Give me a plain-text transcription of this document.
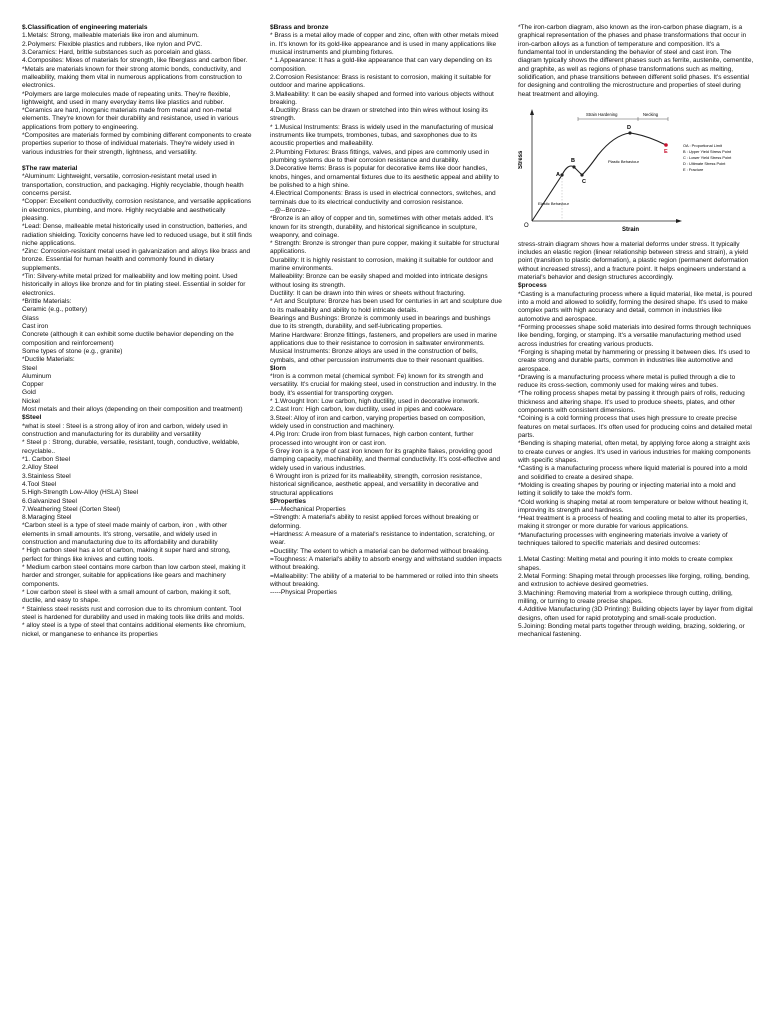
$.Classification of engineering materials

1.Metals: Strong, malleable materials like iron and aluminum.

2.Polymers: Flexible plastics and rubbers, like nylon and PVC.

3.Ceramics: Hard, brittle substances such as porcelain and glass.

4.Composites: Mixes of materials for strength, like fiberglass and carbon fiber.

*Metals are materials known for their strong atomic bonds, conductivity, and malleability, making them vital in numerous applications from construction to electronics.

*Polymers are large molecules made of repeating units. They're flexible, lightweight, and used in many everyday items like plastics and rubber.

*Ceramics are hard, inorganic materials made from metal and non-metal elements. They're known for their durability and resistance, used in various applications from pottery to engineering.

*Composites are materials formed by combining different components to create properties superior to those of individual materials. They're widely used in various industries for their strength, lightness, and versatility.

$The raw material

*Aluminum: Lightweight, versatile, corrosion-resistant metal used in transportation, construction, and packaging. Highly recyclable, though health concerns persist.

*Copper: Excellent conductivity, corrosion resistance, and versatile applications in electronics, plumbing, and more. Highly recyclable and aesthetically pleasing.

*Lead: Dense, malleable metal historically used in construction, batteries, and radiation shielding. Toxicity concerns have led to reduced usage, but it still finds niche applications.

*Zinc: Corrosion-resistant metal used in galvanization and alloys like brass and bronze. Essential for human health and commonly found in dietary supplements.

*Tin: Silvery-white metal prized for malleability and low melting point. Used historically in alloys like bronze and for tin plating steel. Essential in solder for electronics.

*Brittle Materials:

Ceramic (e.g., pottery)

Glass

Cast iron

Concrete (although it can exhibit some ductile behavior depending on the composition and reinforcement)

Some types of stone (e.g., granite)

*Ductile Materials:

Steel

Aluminum

Copper

Gold

Nickel

Most metals and their alloys (depending on their composition and treatment)

$Steel

*what is steel : Steel is a strong alloy of iron and carbon, widely used in construction and manufacturing for its durability and versatility

* Steel p : Strong, durable, versatile, resistant, tough, conductive, weldable, recyclable..

*1. Carbon Steel

2.Alloy Steel

3.Stainless Steel

4.Tool Steel

5.High-Strength Low-Alloy (HSLA) Steel

6.Galvanized Steel

7.Weathering Steel (Corten Steel)

8.Maraging Steel

*Carbon steel is a type of steel made mainly of carbon, iron , with other elements in small amounts. It's strong, versatile, and widely used in construction and manufacturing due to its affordability and durability

* High carbon steel has a lot of carbon, making it super hard and strong, perfect for things like knives and cutting tools.

* Medium carbon steel contains more carbon than low carbon steel, making it harder and stronger, suitable for applications like gears and machinery components.

* Low carbon steel is steel with a small amount of carbon, making it soft, ductile, and easy to shape.

* Stainless steel resists rust and corrosion due to its chromium content. Tool steel is hardened for durability and used in making tools like drills and molds.

* alloy steel is a type of steel that contains additional elements like chromium, nickel, or manganese to enhance its properties

$Brass and bronze

* Brass is a metal alloy made of copper and zinc, often with other metals mixed in. It's known for its gold-like appearance and is used in many applications like musical instruments and plumbing fixtures.

* 1.Appearance: It has a gold-like appearance that can vary depending on its composition.

2.Corrosion Resistance: Brass is resistant to corrosion, making it suitable for outdoor and marine applications.

3.Malleability: It can be easily shaped and formed into various objects without breaking.

4.Ductility: Brass can be drawn or stretched into thin wires without losing its strength.

* 1.Musical Instruments: Brass is widely used in the manufacturing of musical instruments like trumpets, trombones, tubas, and saxophones due to its acoustic properties and malleability.

2.Plumbing Fixtures: Brass fittings, valves, and pipes are commonly used in plumbing systems due to their corrosion resistance and durability.

3.Decorative Items: Brass is popular for decorative items like door handles, knobs, hinges, and ornamental fixtures due to its aesthetic appeal and ability to be polished to a high shine.

4.Electrical Components: Brass is used in electrical connectors, switches, and terminals due to its electrical conductivity and corrosion resistance.

--@--Bronze--

*Bronze is an alloy of copper and tin, sometimes with other metals added. It's known for its strength, durability, and historical significance in sculpture, weaponry, and coinage.

* Strength: Bronze is stronger than pure copper, making it suitable for structural applications.

Durability: It is highly resistant to corrosion, making it suitable for outdoor and marine environments.

Malleability: Bronze can be easily shaped and molded into intricate designs without losing its strength.

Ductility: It can be drawn into thin wires or sheets without fracturing.

* Art and Sculpture: Bronze has been used for centuries in art and sculpture due to its malleability and ability to hold intricate details.

Bearings and Bushings: Bronze is commonly used in bearings and bushings due to its strength, durability, and self-lubricating properties.

Marine Hardware: Bronze fittings, fasteners, and propellers are used in marine applications due to their resistance to corrosion in saltwater environments.

Musical Instruments: Bronze alloys are used in the construction of bells, cymbals, and other percussion instruments due to their resonant qualities.

$Iorn

*Iron is a common metal (chemical symbol: Fe) known for its strength and versatility. It's crucial for making steel, used in construction and industry. In the body, it's essential for transporting oxygen.

* 1.Wrought Iron: Low carbon, high ductility, used in decorative ironwork.

2.Cast Iron: High carbon, low ductility, used in pipes and cookware.

3.Steel: Alloy of iron and carbon, varying properties based on composition, widely used in construction and machinery.

4.Pig Iron: Crude iron from blast furnaces, high carbon content, further processed into wrought iron or cast iron.

5 Grey iron is a type of cast iron known for its graphite flakes, providing good damping capacity, machinability, and thermal conductivity. It's cost-effective and widely used in various industries.

6 Wrought iron is prized for its malleability, strength, corrosion resistance, historical significance, aesthetic appeal, and versatility in decorative and structural applications

$Properties

-----Mechanical Properties

=Strength: A material's ability to resist applied forces without breaking or deforming.

=Hardness: A measure of a material's resistance to indentation, scratching, or wear.

=Ductility: The extent to which a material can be deformed without breaking.

=Toughness: A material's ability to absorb energy and withstand sudden impacts without breaking.

=Malleability: The ability of a material to be hammered or rolled into thin sheets without breaking.

-----Physical Properties

*The iron-carbon diagram, also known as the iron-carbon phase diagram, is a graphical representation of the phases and phase transformations that occur in iron-carbon alloys as a function of temperature and composition. It's a fundamental tool in understanding the behavior of steel and cast iron. The diagram typically shows the different phases such as ferrite, austenite, cementite, and graphite, as well as regions of phase transformations such as melting, solidification, and phase transitions between different solid phases. It's essential for designing and controlling the microstructure and properties of steel during heat treatment and alloying.

Stress
Strain
O
Strain Hardening	Necking
A
B
C
D
E
Elastic Behaviour
Plastic Behaviour
OA : Proportional Limit
B : Upper Yield Stress Point
C : Lower Yield Stress Point
D : Ultimate Stress Point
E : Fracture

stress-strain diagram shows how a material deforms under stress. It typically includes an elastic region (linear relationship between stress and strain), a yield point (transition to plastic deformation), a plastic region (permanent deformation without increased stress), and a fracture point. It helps engineers understand a material's behavior and design structures accordingly.

$process

*Casting is a manufacturing process where a liquid material, like metal, is poured into a mold and allowed to solidify, forming the desired shape. It's used to make complex parts with high accuracy and detail, common in industries like automotive and aerospace.

*Forming processes shape solid materials into desired forms through techniques like bending, forging, or stamping. It's a versatile manufacturing method used across industries for creating various products.

*Forging is shaping metal by hammering or pressing it between dies. It's used to create strong and durable parts, common in industries like automotive and aerospace.

*Drawing is a manufacturing process where metal is pulled through a die to reduce its cross-section, commonly used for making wires and tubes.

*The rolling process shapes metal by passing it through pairs of rolls, reducing thickness and altering shape. It's used to produce sheets, plates, and other components with consistent dimensions.

*Coining is a cold forming process that uses high pressure to create precise features on metal surfaces. It's often used for producing coins and detailed metal parts.

*Bending is shaping material, often metal, by applying force along a straight axis to create curves or angles. It's used in various industries for making components with specific shapes.

*Casting is a manufacturing process where liquid material is poured into a mold and solidified to create a desired shape.

*Molding is creating shapes by pouring or injecting material into a mold and letting it solidify to take the mold's form.

*Cold working is shaping metal at room temperature or below without heating it, improving its strength and hardness.

*Heat treatment is a process of heating and cooling metal to alter its properties, making it stronger or more durable for various applications.

*Manufacturing processes with engineering materials involve a variety of techniques tailored to specific materials and desired outcomes:

1.Metal Casting: Melting metal and pouring it into molds to create complex shapes.

2.Metal Forming: Shaping metal through processes like forging, rolling, bending, and extrusion to achieve desired geometries.

3.Machining: Removing material from a workpiece through cutting, drilling, milling, or turning to create precise shapes.

4.Additive Manufacturing (3D Printing): Building objects layer by layer from digital designs, often used for rapid prototyping and small-scale production.

5.Joining: Bonding metal parts together through welding, brazing, soldering, or mechanical fastening.
